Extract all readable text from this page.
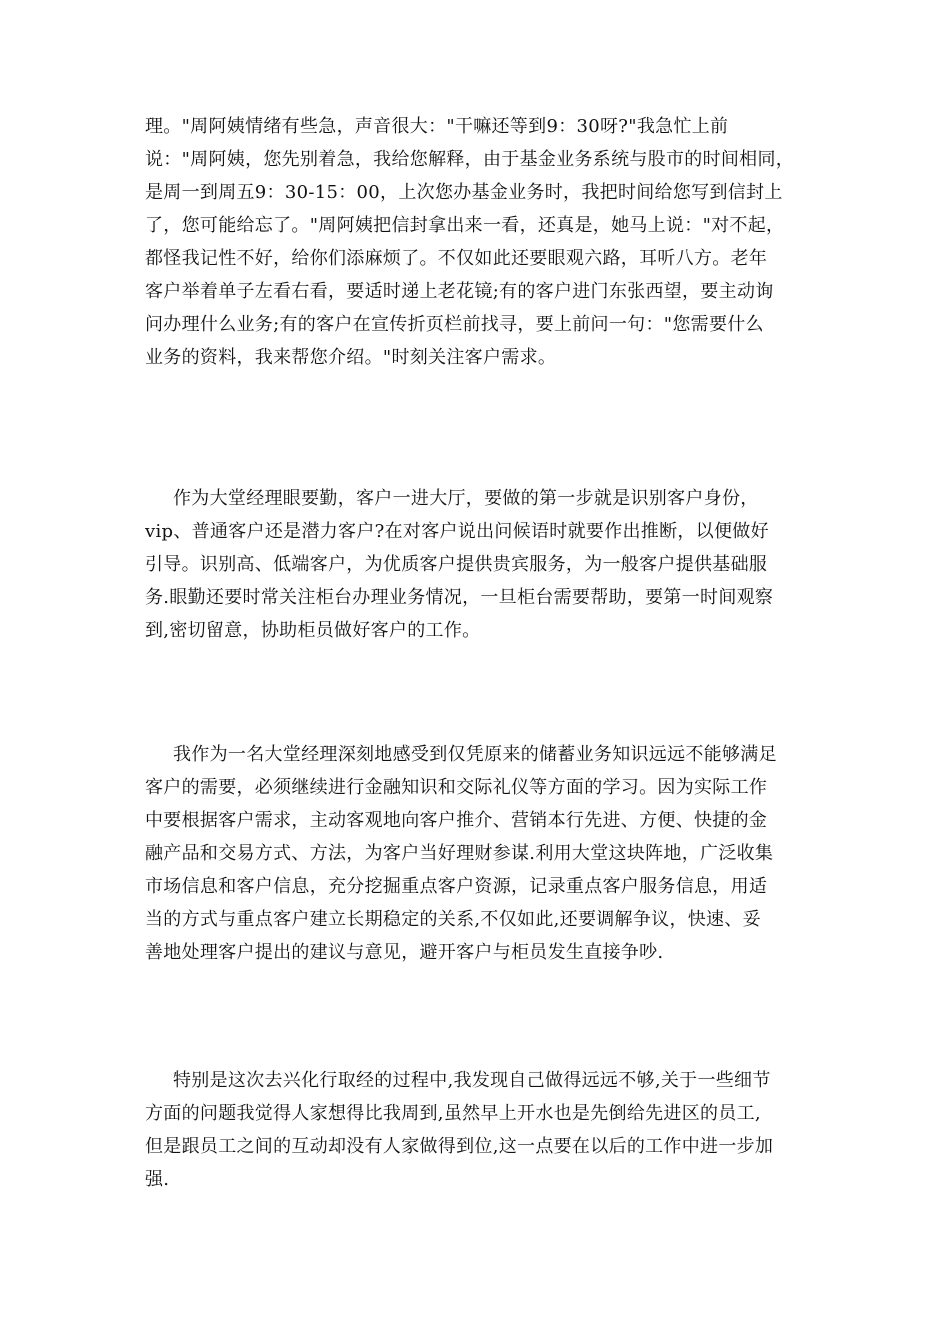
理。"周阿姨情绪有些急，声音很大："干嘛还等到9：30呀?"我急忙上前
说："周阿姨，您先别着急，我给您解释，由于基金业务系统与股市的时间相同，
是周一到周五9：30-15：00，上次您办基金业务时，我把时间给您写到信封上
了，您可能给忘了。"周阿姨把信封拿出来一看，还真是，她马上说："对不起，
都怪我记性不好，给你们添麻烦了。不仅如此还要眼观六路，耳听八方。老年
客户举着单子左看右看，要适时递上老花镜;有的客户进门东张西望，要主动询
问办理什么业务;有的客户在宣传折页栏前找寻，要上前问一句："您需要什么
业务的资料，我来帮您介绍。"时刻关注客户需求。

作为大堂经理眼要勤，客户一进大厅，要做的第一步就是识别客户身份，
vip、普通客户还是潜力客户?在对客户说出问候语时就要作出推断，以便做好
引导。识别高、低端客户，为优质客户提供贵宾服务，为一般客户提供基础服
务.眼勤还要时常关注柜台办理业务情况，一旦柜台需要帮助，要第一时间观察
到,密切留意，协助柜员做好客户的工作。

我作为一名大堂经理深刻地感受到仅凭原来的储蓄业务知识远远不能够满足
客户的需要，必须继续进行金融知识和交际礼仪等方面的学习。因为实际工作
中要根据客户需求，主动客观地向客户推介、营销本行先进、方便、快捷的金
融产品和交易方式、方法，为客户当好理财参谋.利用大堂这块阵地，广泛收集
市场信息和客户信息，充分挖掘重点客户资源，记录重点客户服务信息，用适
当的方式与重点客户建立长期稳定的关系,不仅如此,还要调解争议，快速、妥
善地处理客户提出的建议与意见，避开客户与柜员发生直接争吵.

特别是这次去兴化行取经的过程中,我发现自己做得远远不够,关于一些细节
方面的问题我觉得人家想得比我周到,虽然早上开水也是先倒给先进区的员工,
但是跟员工之间的互动却没有人家做得到位,这一点要在以后的工作中进一步加
强.
